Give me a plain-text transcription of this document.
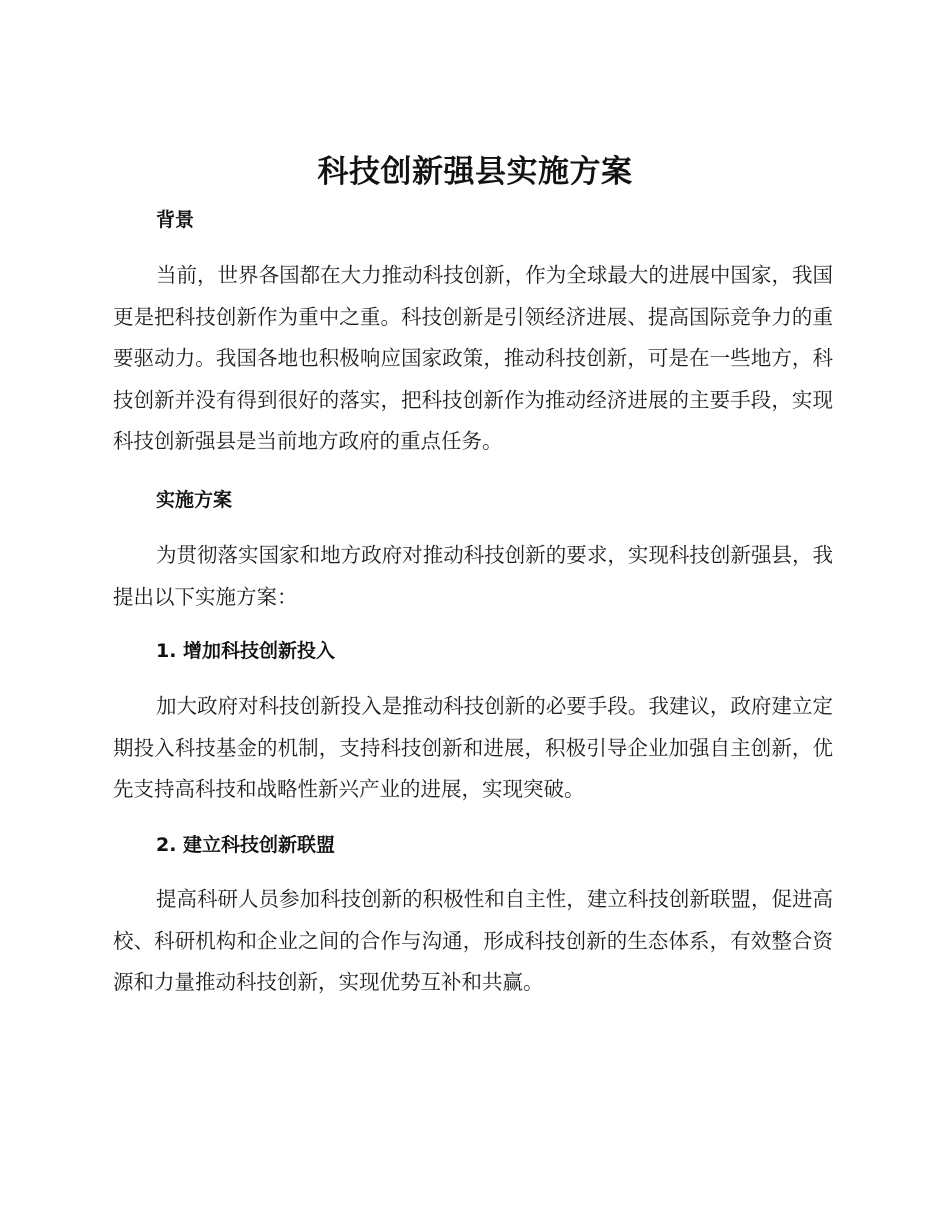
科技创新强县实施方案
背景
当前，世界各国都在大力推动科技创新，作为全球最大的进展中国家，我国更是把科技创新作为重中之重。科技创新是引领经济进展、提高国际竞争力的重要驱动力。我国各地也积极响应国家政策，推动科技创新，可是在一些地方，科技创新并没有得到很好的落实，把科技创新作为推动经济进展的主要手段，实现科技创新强县是当前地方政府的重点任务。
实施方案
为贯彻落实国家和地方政府对推动科技创新的要求，实现科技创新强县，我提出以下实施方案：
1. 增加科技创新投入
加大政府对科技创新投入是推动科技创新的必要手段。我建议，政府建立定期投入科技基金的机制，支持科技创新和进展，积极引导企业加强自主创新，优先支持高科技和战略性新兴产业的进展，实现突破。
2. 建立科技创新联盟
提高科研人员参加科技创新的积极性和自主性，建立科技创新联盟，促进高校、科研机构和企业之间的合作与沟通，形成科技创新的生态体系，有效整合资源和力量推动科技创新，实现优势互补和共赢。
